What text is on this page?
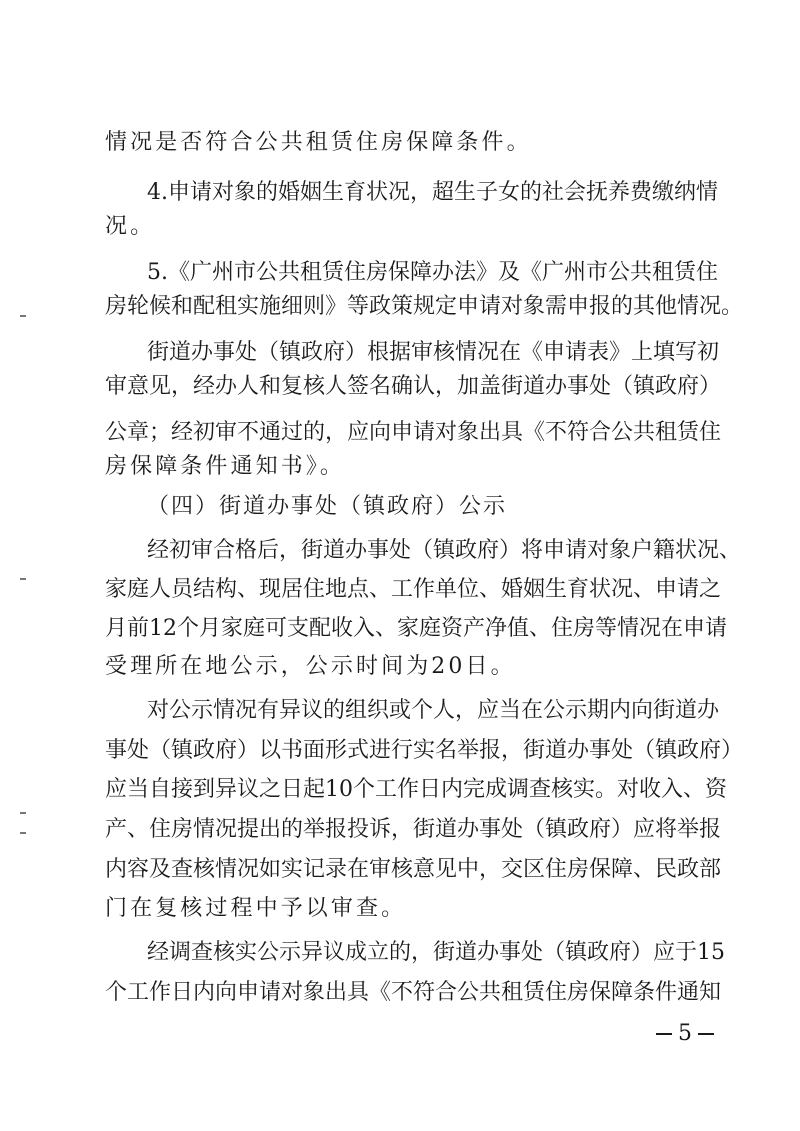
情况是否符合公共租赁住房保障条件。
4.申请对象的婚姻生育状况，超生子女的社会抚养费缴纳情
况。
5.《广州市公共租赁住房保障办法》及《广州市公共租赁住
房轮候和配租实施细则》等政策规定申请对象需申报的其他情况。
街道办事处（镇政府）根据审核情况在《申请表》上填写初
审意见，经办人和复核人签名确认，加盖街道办事处（镇政府）
公章；经初审不通过的，应向申请对象出具《不符合公共租赁住
房保障条件通知书》。
（四）街道办事处（镇政府）公示
经初审合格后，街道办事处（镇政府）将申请对象户籍状况、
家庭人员结构、现居住地点、工作单位、婚姻生育状况、申请之
月前12个月家庭可支配收入、家庭资产净值、住房等情况在申请
受理所在地公示，公示时间为20日。
对公示情况有异议的组织或个人，应当在公示期内向街道办
事处（镇政府）以书面形式进行实名举报，街道办事处（镇政府）
应当自接到异议之日起10个工作日内完成调查核实。对收入、资
产、住房情况提出的举报投诉，街道办事处（镇政府）应将举报
内容及查核情况如实记录在审核意见中，交区住房保障、民政部
门在复核过程中予以审查。
经调查核实公示异议成立的，街道办事处（镇政府）应于15
个工作日内向申请对象出具《不符合公共租赁住房保障条件通知
5
